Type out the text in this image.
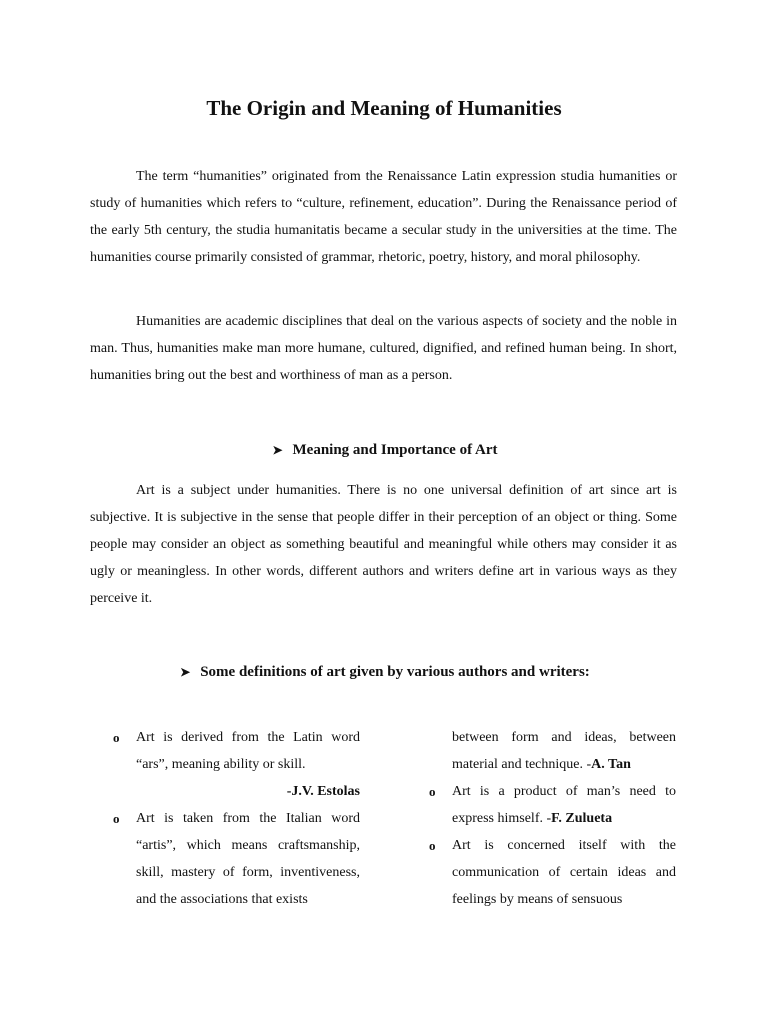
The Origin and Meaning of Humanities

The term “humanities” originated from the Renaissance Latin expression studia humanities or study of humanities which refers to “culture, refinement, education”. During the Renaissance period of the early 5th century, the studia humanitatis became a secular study in the universities at the time. The humanities course primarily consisted of grammar, rhetoric, poetry, history, and moral philosophy.

Humanities are academic disciplines that deal on the various aspects of society and the noble in man. Thus, humanities make man more humane, cultured, dignified, and refined human being. In short, humanities bring out the best and worthiness of man as a person.

➤ Meaning and Importance of Art

Art is a subject under humanities. There is no one universal definition of art since art is subjective. It is subjective in the sense that people differ in their perception of an object or thing. Some people may consider an object as something beautiful and meaningful while others may consider it as ugly or meaningless. In other words, different authors and writers define art in various ways as they perceive it.

➤ Some definitions of art given by various authors and writers:
o Art is derived from the Latin word “ars”, meaning ability or skill.
-J.V. Estolas
o Art is taken from the Italian word “artis”, which means craftsmanship, skill, mastery of form, inventiveness, and the associations that exists
between form and ideas, between material and technique. -A. Tan
o Art is a product of man’s need to express himself. -F. Zulueta
o Art is concerned itself with the communication of certain ideas and feelings by means of sensuous
